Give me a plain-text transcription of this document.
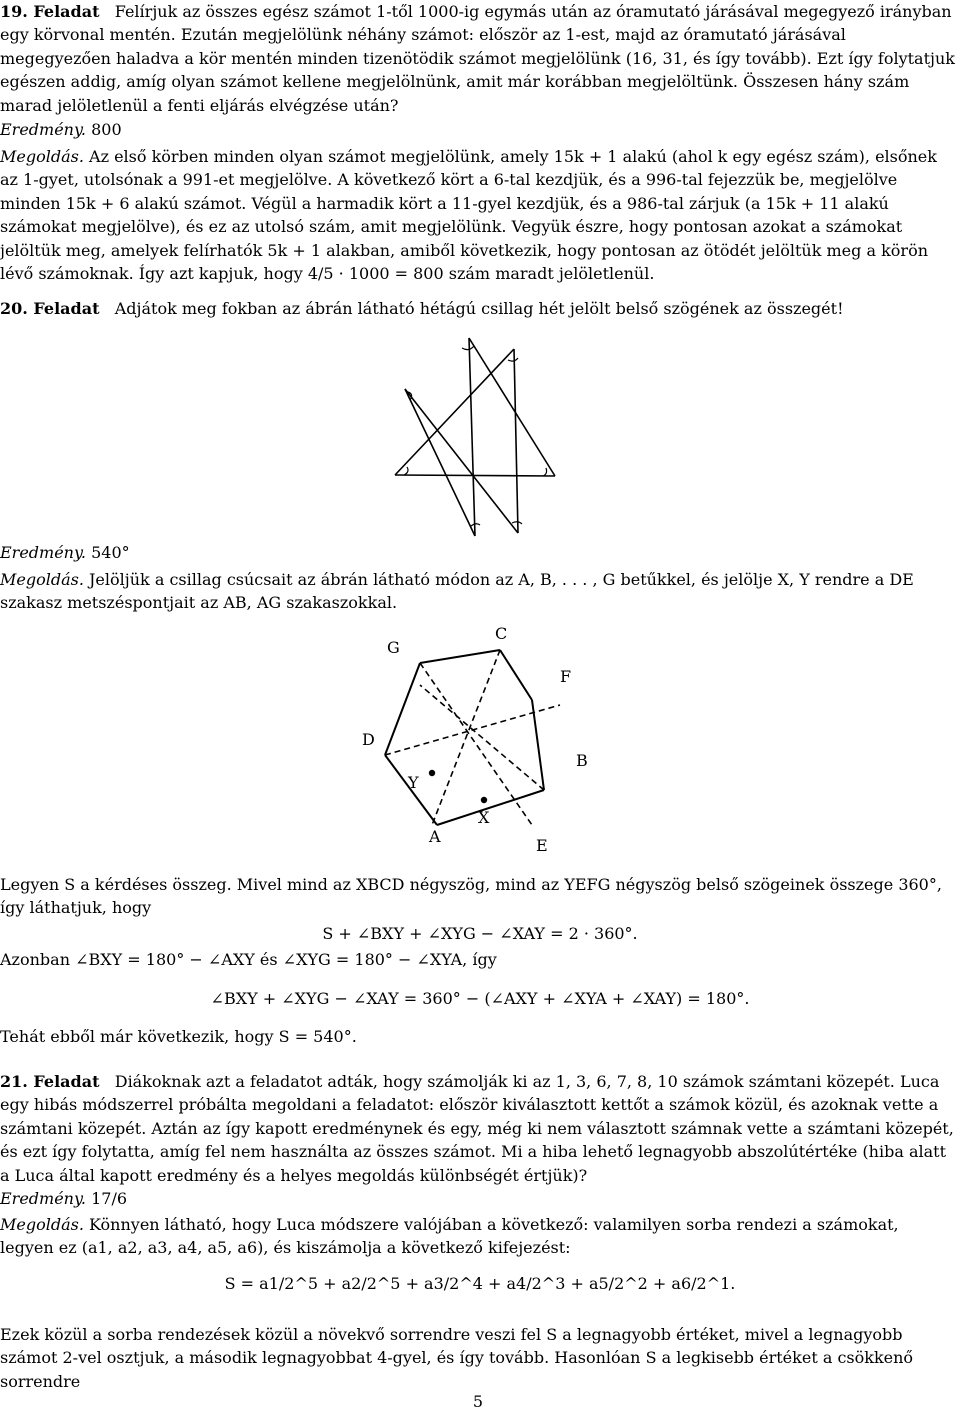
19. Feladat Felírjuk az összes egész számot 1-től 1000-ig egymás után az óramutató járásával megegyező irányban egy körvonal mentén. Ezután megjelölünk néhány számot: először az 1-est, majd az óramutató járásával megegyezően haladva a kör mentén minden tizenötödik számot megjelölünk (16, 31, és így tovább). Ezt így folytatjuk egészen addig, amíg olyan számot kellene megjelölnünk, amit már korábban megjelöltünk. Összesen hány szám marad jelöletlenül a fenti eljárás elvégzése után?

Eredmény. 800

Megoldás. Az első körben minden olyan számot megjelölünk, amely 15k + 1 alakú (ahol k egy egész szám), elsőnek az 1-gyet, utolsónak a 991-et megjelölve. A következő kört a 6-tal kezdjük, és a 996-tal fejezzük be, megjelölve minden 15k + 6 alakú számot. Végül a harmadik kört a 11-gyel kezdjük, és a 986-tal zárjuk (a 15k + 11 alakú számokat megjelölve), és ez az utolsó szám, amit megjelölünk. Vegyük észre, hogy pontosan azokat a számokat jelöltük meg, amelyek felírhatók 5k + 1 alakban, amiből következik, hogy pontosan az ötödét jelöltük meg a körön lévő számoknak. Így azt kapjuk, hogy 4/5 · 1000 = 800 szám maradt jelöletlenül.

20. Feladat Adjátok meg fokban az ábrán látható hétágú csillag hét jelölt belső szögének az összegét!

Eredmény. 540°

Megoldás. Jelöljük a csillag csúcsait az ábrán látható módon az A, B, . . . , G betűkkel, és jelölje X, Y rendre a DE szakasz metszéspontjait az AB, AG szakaszokkal.

G
C
F
D
B
Y
X
A	E

Legyen S a kérdéses összeg. Mivel mind az XBCD négyszög, mind az YEFG négyszög belső szögeinek összege 360°, így láthatjuk, hogy

S + ∠BXY + ∠XYG − ∠XAY = 2 · 360°.

Azonban ∠BXY = 180° − ∠AXY és ∠XYG = 180° − ∠XYA, így

∠BXY + ∠XYG − ∠XAY = 360° − (∠AXY + ∠XYA + ∠XAY) = 180°.

Tehát ebből már következik, hogy S = 540°.

21. Feladat Diákoknak azt a feladatot adták, hogy számolják ki az 1, 3, 6, 7, 8, 10 számok számtani közepét. Luca egy hibás módszerrel próbálta megoldani a feladatot: először kiválasztott kettőt a számok közül, és azoknak vette a számtani közepét. Aztán az így kapott eredménynek és egy, még ki nem választott számnak vette a számtani közepét, és ezt így folytatta, amíg fel nem használta az összes számot. Mi a hiba lehető legnagyobb abszolútértéke (hiba alatt a Luca által kapott eredmény és a helyes megoldás különbségét értjük)?

Eredmény. 17/6

Megoldás. Könnyen látható, hogy Luca módszere valójában a következő: valamilyen sorba rendezi a számokat, legyen ez (a1, a2, a3, a4, a5, a6), és kiszámolja a következő kifejezést:

S = a1/2^5 + a2/2^5 + a3/2^4 + a4/2^3 + a5/2^2 + a6/2^1.

Ezek közül a sorba rendezések közül a növekvő sorrendre veszi fel S a legnagyobb értéket, mivel a legnagyobb számot 2-vel osztjuk, a második legnagyobbat 4-gyel, és így tovább. Hasonlóan S a legkisebb értéket a csökkenő sorrendre

5
